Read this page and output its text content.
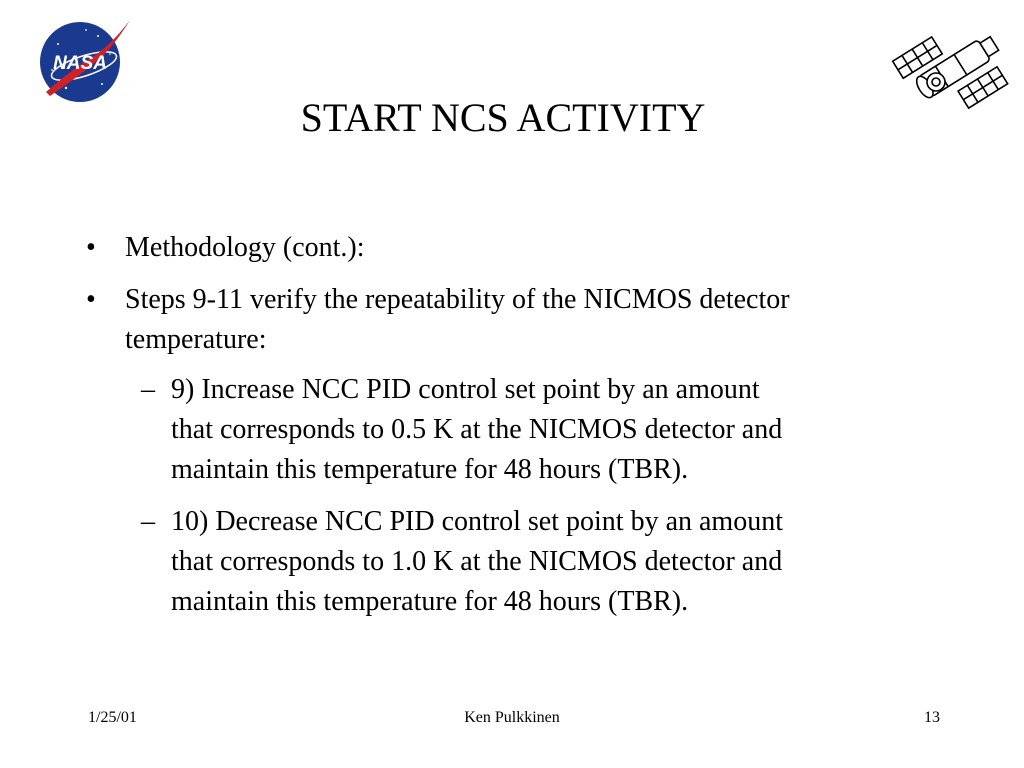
NASA
START NCS ACTIVITY
•	Methodology (cont.):
•	Steps 9-11 verify the repeatability of the NICMOS detector
temperature:
– 9) Increase NCC PID control set point by an amount
that corresponds to 0.5 K at the NICMOS detector and
maintain this temperature for 48 hours (TBR).
– 10) Decrease NCC PID control set point by an amount
that corresponds to 1.0 K at the NICMOS detector and
maintain this temperature for 48 hours (TBR).
1/25/01	Ken Pulkkinen	13
